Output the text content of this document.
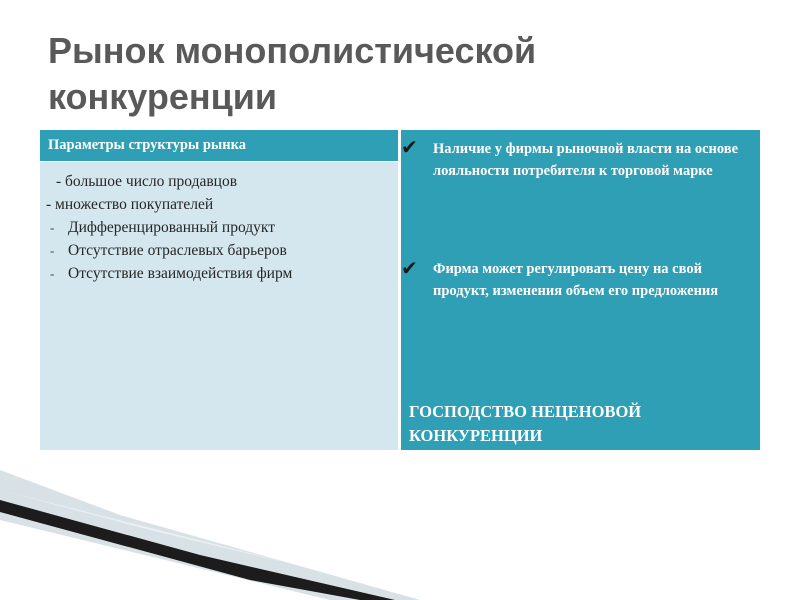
Рынок монополистической
конкуренции
Параметры структуры рынка
- большое число продавцов
- множество покупателей
- Дифференцированный продукт
- Отсутствие отраслевых барьеров
- Отсутствие взаимодействия фирм
✔ Наличие у фирмы рыночной власти на основе лояльности потребителя к торговой марке
✔ Фирма может регулировать цену на свой продукт, изменения объем его предложения
ГОСПОДСТВО НЕЦЕНОВОЙ КОНКУРЕНЦИИ
